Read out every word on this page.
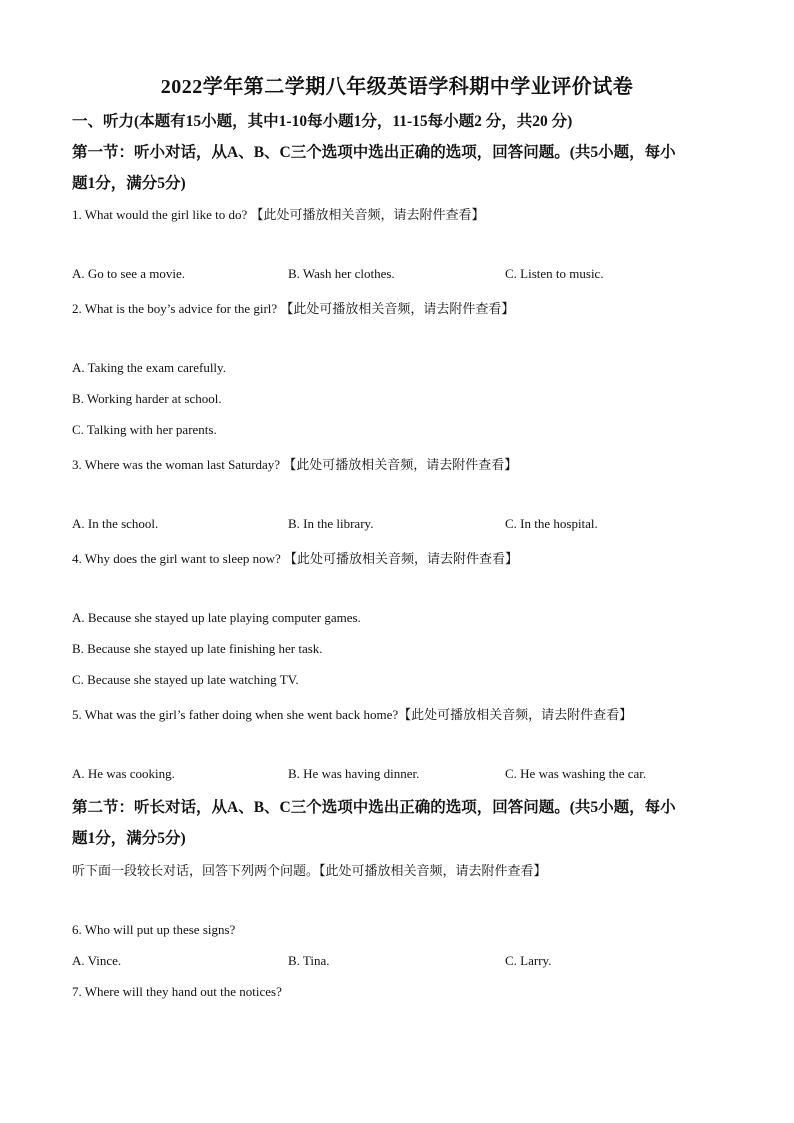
2022学年第二学期八年级英语学科期中学业评价试卷
一、听力(本题有15小题，其中1-10每小题1分，11-15每小题2 分，共20 分)
第一节：听小对话，从A、B、C三个选项中选出正确的选项，回答问题。(共5小题，每小
题1分，满分5分)
1. What would the girl like to do? 【此处可播放相关音频，请去附件查看】
A. Go to see a movie.	B. Wash her clothes.	C. Listen to music.
2. What is the boy’s advice for the girl? 【此处可播放相关音频，请去附件查看】
A. Taking the exam carefully.
B. Working harder at school.
C. Talking with her parents.
3. Where was the woman last Saturday? 【此处可播放相关音频，请去附件查看】
A. In the school.	B. In the library.	C. In the hospital.
4. Why does the girl want to sleep now? 【此处可播放相关音频，请去附件查看】
A. Because she stayed up late playing computer games.
B. Because she stayed up late finishing her task.
C. Because she stayed up late watching TV.
5. What was the girl’s father doing when she went back home?【此处可播放相关音频，请去附件查看】
A. He was cooking.	B. He was having dinner.	C. He was washing the car.
第二节：听长对话，从A、B、C三个选项中选出正确的选项，回答问题。(共5小题，每小
题1分，满分5分)
听下面一段较长对话，回答下列两个问题。【此处可播放相关音频，请去附件查看】
6. Who will put up these signs?
A. Vince.	B. Tina.	C. Larry.
7. Where will they hand out the notices?
